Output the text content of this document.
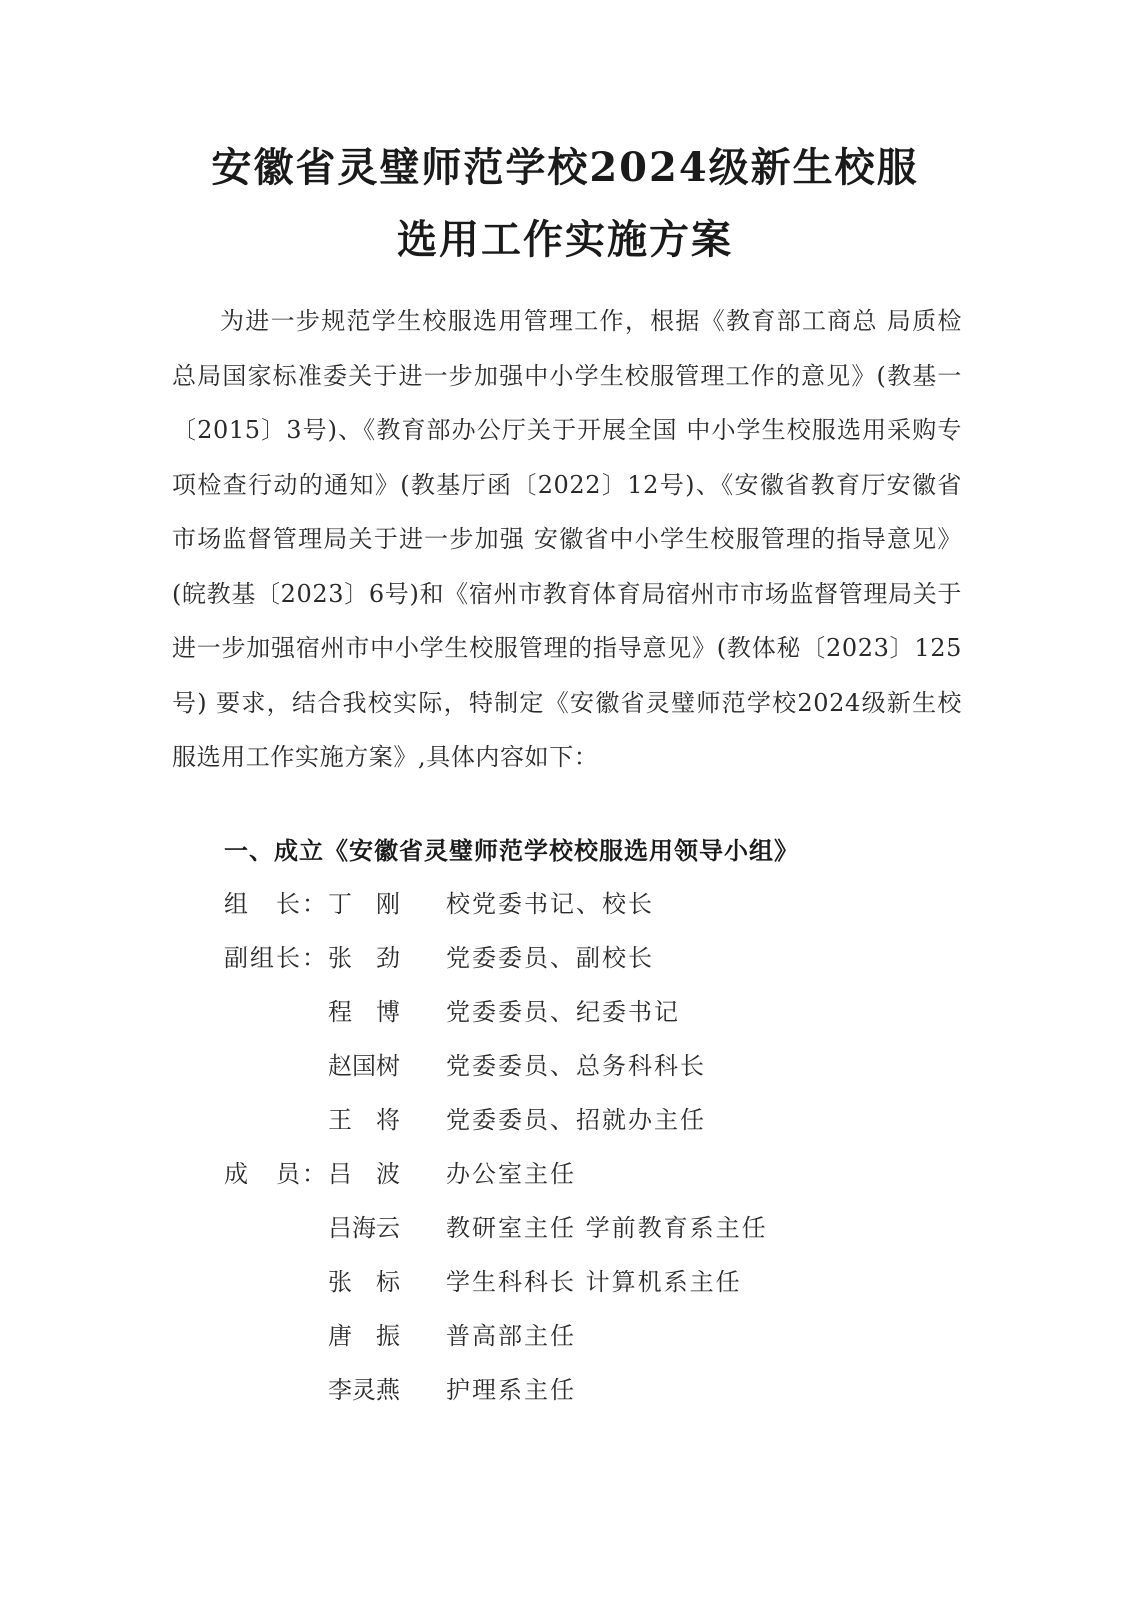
安徽省灵璧师范学校2024级新生校服
选用工作实施方案
为进一步规范学生校服选用管理工作，根据《教育部工商总 局质检总局国家标准委关于进一步加强中小学生校服管理工作的意见》(教基一〔2015〕3号)、《教育部办公厅关于开展全国 中小学生校服选用采购专项检查行动的通知》(教基厅函〔2022〕12号)、《安徽省教育厅安徽省市场监督管理局关于进一步加强 安徽省中小学生校服管理的指导意见》(皖教基〔2023〕6号)和《宿州市教育体育局宿州市市场监督管理局关于进一步加强宿州市中小学生校服管理的指导意见》(教体秘〔2023〕125号) 要求，结合我校实际，特制定《安徽省灵璧师范学校2024级新生校服选用工作实施方案》,具体内容如下：
一、成立《安徽省灵璧师范学校校服选用领导小组》
组　长： 丁　刚 校党委书记、校长
副组长： 张　劲 党委委员、副校长
程　博 党委委员、纪委书记
赵国树 党委委员、总务科科长
王　将 党委委员、招就办主任
成　员： 吕　波 办公室主任
吕海云 教研室主任 学前教育系主任
张　标 学生科科长 计算机系主任
唐　振 普高部主任
李灵燕 护理系主任
